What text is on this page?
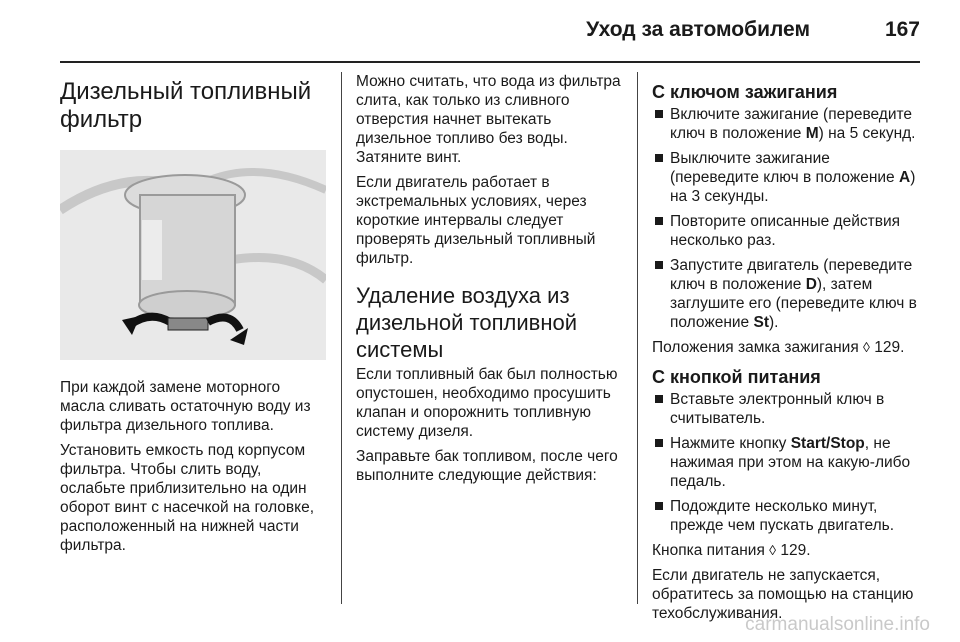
Уход за автомобилем	167
Дизельный топливный фильтр

При каждой замене моторного масла сливать остаточную воду из фильтра дизельного топлива.

Установить емкость под корпусом фильтра. Чтобы слить воду, ослабьте приблизительно на один оборот винт с насечкой на головке, расположенный на нижней части фильтра.

Можно считать, что вода из фильтра слита, как только из сливного отверстия начнет вытекать дизельное топливо без воды. Затяните винт.

Если двигатель работает в экстремальных условиях, через короткие интервалы следует проверять дизельный топливный фильтр.

Удаление воздуха из дизельной топливной системы

Если топливный бак был полностью опустошен, необходимо просушить клапан и опорожнить топливную систему дизеля.

Заправьте бак топливом, после чего выполните следующие действия:

С ключом зажигания
Включите зажигание (переведите ключ в положение M) на 5 секунд.
Выключите зажигание (переведите ключ в положение A) на 3 секунды.
Повторите описанные действия несколько раз.
Запустите двигатель (переведите ключ в положение D), затем заглушите его (переведите ключ в положение St).

Положения замка зажигания ◊ 129.

С кнопкой питания
Вставьте электронный ключ в считыватель.
Нажмите кнопку Start/Stop, не нажимая при этом на какую-либо педаль.
Подождите несколько минут, прежде чем пускать двигатель.

Кнопка питания ◊ 129.

Если двигатель не запускается, обратитесь за помощью на станцию техобслуживания.

carmanualsonline.info
